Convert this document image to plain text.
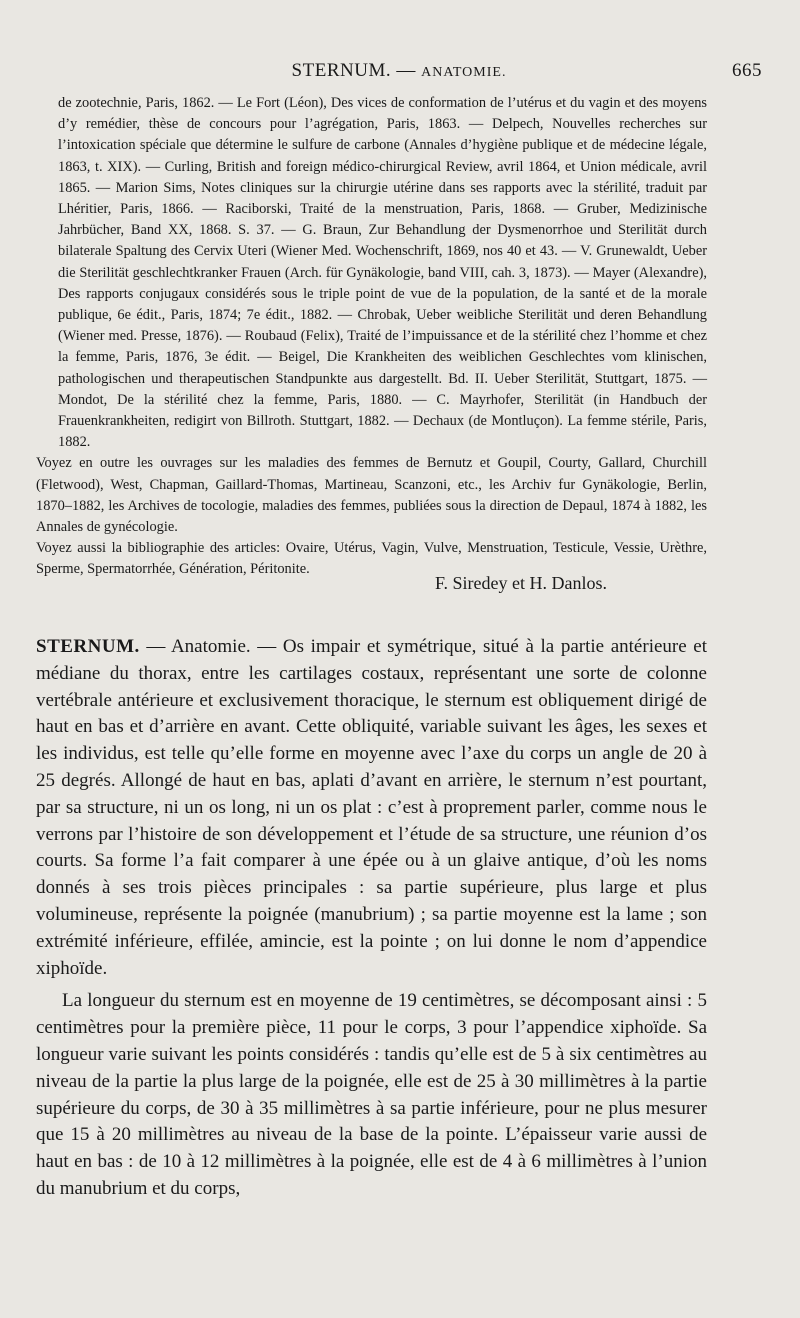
STERNUM. — ANATOMIE.	665

de zootechnie, Paris, 1862. — Le Fort (Léon), Des vices de conformation de l’utérus et du vagin et des moyens d’y remédier, thèse de concours pour l’agrégation, Paris, 1863. — Delpech, Nouvelles recherches sur l’intoxication spéciale que détermine le sulfure de carbone (Annales d’hygiène publique et de médecine légale, 1863, t. XIX). — Curling, British and foreign médico-chirurgical Review, avril 1864, et Union médicale, avril 1865. — Marion Sims, Notes cliniques sur la chirurgie utérine dans ses rapports avec la stérilité, traduit par Lhéritier, Paris, 1866. — Raciborski, Traité de la menstruation, Paris, 1868. — Gruber, Medizinische Jahrbücher, Band XX, 1868. S. 37. — G. Braun, Zur Behandlung der Dysmenorrhoe und Sterilität durch bilaterale Spaltung des Cervix Uteri (Wiener Med. Wochenschrift, 1869, nos 40 et 43. — V. Grunewaldt, Ueber die Sterilität geschlechtkranker Frauen (Arch. für Gynäkologie, band VIII, cah. 3, 1873). — Mayer (Alexandre), Des rapports conjugaux considérés sous le triple point de vue de la population, de la santé et de la morale publique, 6e édit., Paris, 1874; 7e édit., 1882. — Chrobak, Ueber weibliche Sterilität und deren Behandlung (Wiener med. Presse, 1876). — Roubaud (Felix), Traité de l’impuissance et de la stérilité chez l’homme et chez la femme, Paris, 1876, 3e édit. — Beigel, Die Krankheiten des weiblichen Geschlechtes vom klinischen, pathologischen und therapeutischen Standpunkte aus dargestellt. Bd. II. Ueber Sterilität, Stuttgart, 1875. — Mondot, De la stérilité chez la femme, Paris, 1880. — C. Mayrhofer, Sterilität (in Handbuch der Frauenkrankheiten, redigirt von Billroth. Stuttgart, 1882. — Dechaux (de Montluçon). La femme stérile, Paris, 1882.

Voyez en outre les ouvrages sur les maladies des femmes de Bernutz et Goupil, Courty, Gallard, Churchill (Fletwood), West, Chapman, Gaillard-Thomas, Martineau, Scanzoni, etc., les Archiv fur Gynäkologie, Berlin, 1870–1882, les Archives de tocologie, maladies des femmes, publiées sous la direction de Depaul, 1874 à 1882, les Annales de gynécologie.

Voyez aussi la bibliographie des articles: Ovaire, Utérus, Vagin, Vulve, Menstruation, Testicule, Vessie, Urèthre, Sperme, Spermatorrhée, Génération, Péritonite.

F. Siredey et H. Danlos.

STERNUM. — Anatomie. — Os impair et symétrique, situé à la partie antérieure et médiane du thorax, entre les cartilages costaux, représentant une sorte de colonne vertébrale antérieure et exclusivement thoracique, le sternum est obliquement dirigé de haut en bas et d’arrière en avant. Cette obliquité, variable suivant les âges, les sexes et les individus, est telle qu’elle forme en moyenne avec l’axe du corps un angle de 20 à 25 degrés. Allongé de haut en bas, aplati d’avant en arrière, le sternum n’est pourtant, par sa structure, ni un os long, ni un os plat : c’est à proprement parler, comme nous le verrons par l’histoire de son développement et l’étude de sa structure, une réunion d’os courts. Sa forme l’a fait comparer à une épée ou à un glaive antique, d’où les noms donnés à ses trois pièces principales : sa partie supérieure, plus large et plus volumineuse, représente la poignée (manubrium) ; sa partie moyenne est la lame ; son extrémité inférieure, effilée, amincie, est la pointe ; on lui donne le nom d’appendice xiphoïde.

La longueur du sternum est en moyenne de 19 centimètres, se décomposant ainsi : 5 centimètres pour la première pièce, 11 pour le corps, 3 pour l’appendice xiphoïde. Sa longueur varie suivant les points considérés : tandis qu’elle est de 5 à six centimètres au niveau de la partie la plus large de la poignée, elle est de 25 à 30 millimètres à la partie supérieure du corps, de 30 à 35 millimètres à sa partie inférieure, pour ne plus mesurer que 15 à 20 millimètres au niveau de la base de la pointe. L’épaisseur varie aussi de haut en bas : de 10 à 12 millimètres à la poignée, elle est de 4 à 6 millimètres à l’union du manubrium et du corps,
